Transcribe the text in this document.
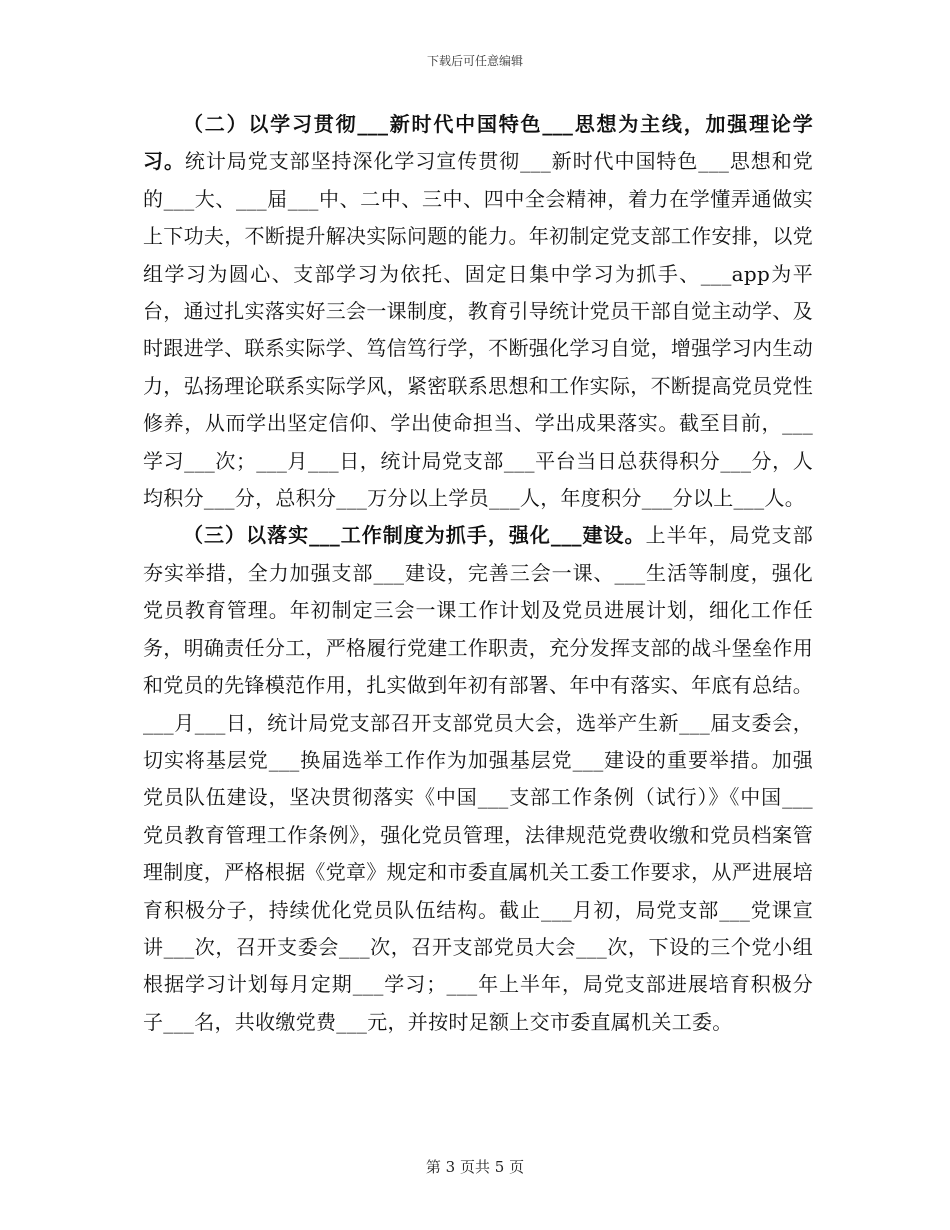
下载后可任意编辑

（二）以学习贯彻___新时代中国特色___思想为主线，加强理论学习。统计局党支部坚持深化学习宣传贯彻___新时代中国特色___思想和党的___大、___届___中、二中、三中、四中全会精神，着力在学懂弄通做实上下功夫，不断提升解决实际问题的能力。年初制定党支部工作安排，以党组学习为圆心、支部学习为依托、固定日集中学习为抓手、___app为平台，通过扎实落实好三会一课制度，教育引导统计党员干部自觉主动学、及时跟进学、联系实际学、笃信笃行学，不断强化学习自觉，增强学习内生动力，弘扬理论联系实际学风，紧密联系思想和工作实际，不断提高党员党性修养，从而学出坚定信仰、学出使命担当、学出成果落实。截至目前，___学习___次；___月___日，统计局党支部___平台当日总获得积分___分，人均积分___分，总积分___万分以上学员___人，年度积分___分以上___人。

（三）以落实___工作制度为抓手，强化___建设。上半年，局党支部夯实举措，全力加强支部___建设，完善三会一课、___生活等制度，强化党员教育管理。年初制定三会一课工作计划及党员进展计划，细化工作任务，明确责任分工，严格履行党建工作职责，充分发挥支部的战斗堡垒作用和党员的先锋模范作用，扎实做到年初有部署、年中有落实、年底有总结。___月___日，统计局党支部召开支部党员大会，选举产生新___届支委会，切实将基层党___换届选举工作作为加强基层党___建设的重要举措。加强党员队伍建设，坚决贯彻落实《中国___支部工作条例（试行）》《中国___党员教育管理工作条例》，强化党员管理，法律规范党费收缴和党员档案管理制度，严格根据《党章》规定和市委直属机关工委工作要求，从严进展培育积极分子，持续优化党员队伍结构。截止___月初，局党支部___党课宣讲___次，召开支委会___次，召开支部党员大会___次，下设的三个党小组根据学习计划每月定期___学习；___年上半年，局党支部进展培育积极分子___名，共收缴党费___元，并按时足额上交市委直属机关工委。

第 3 页共 5 页
